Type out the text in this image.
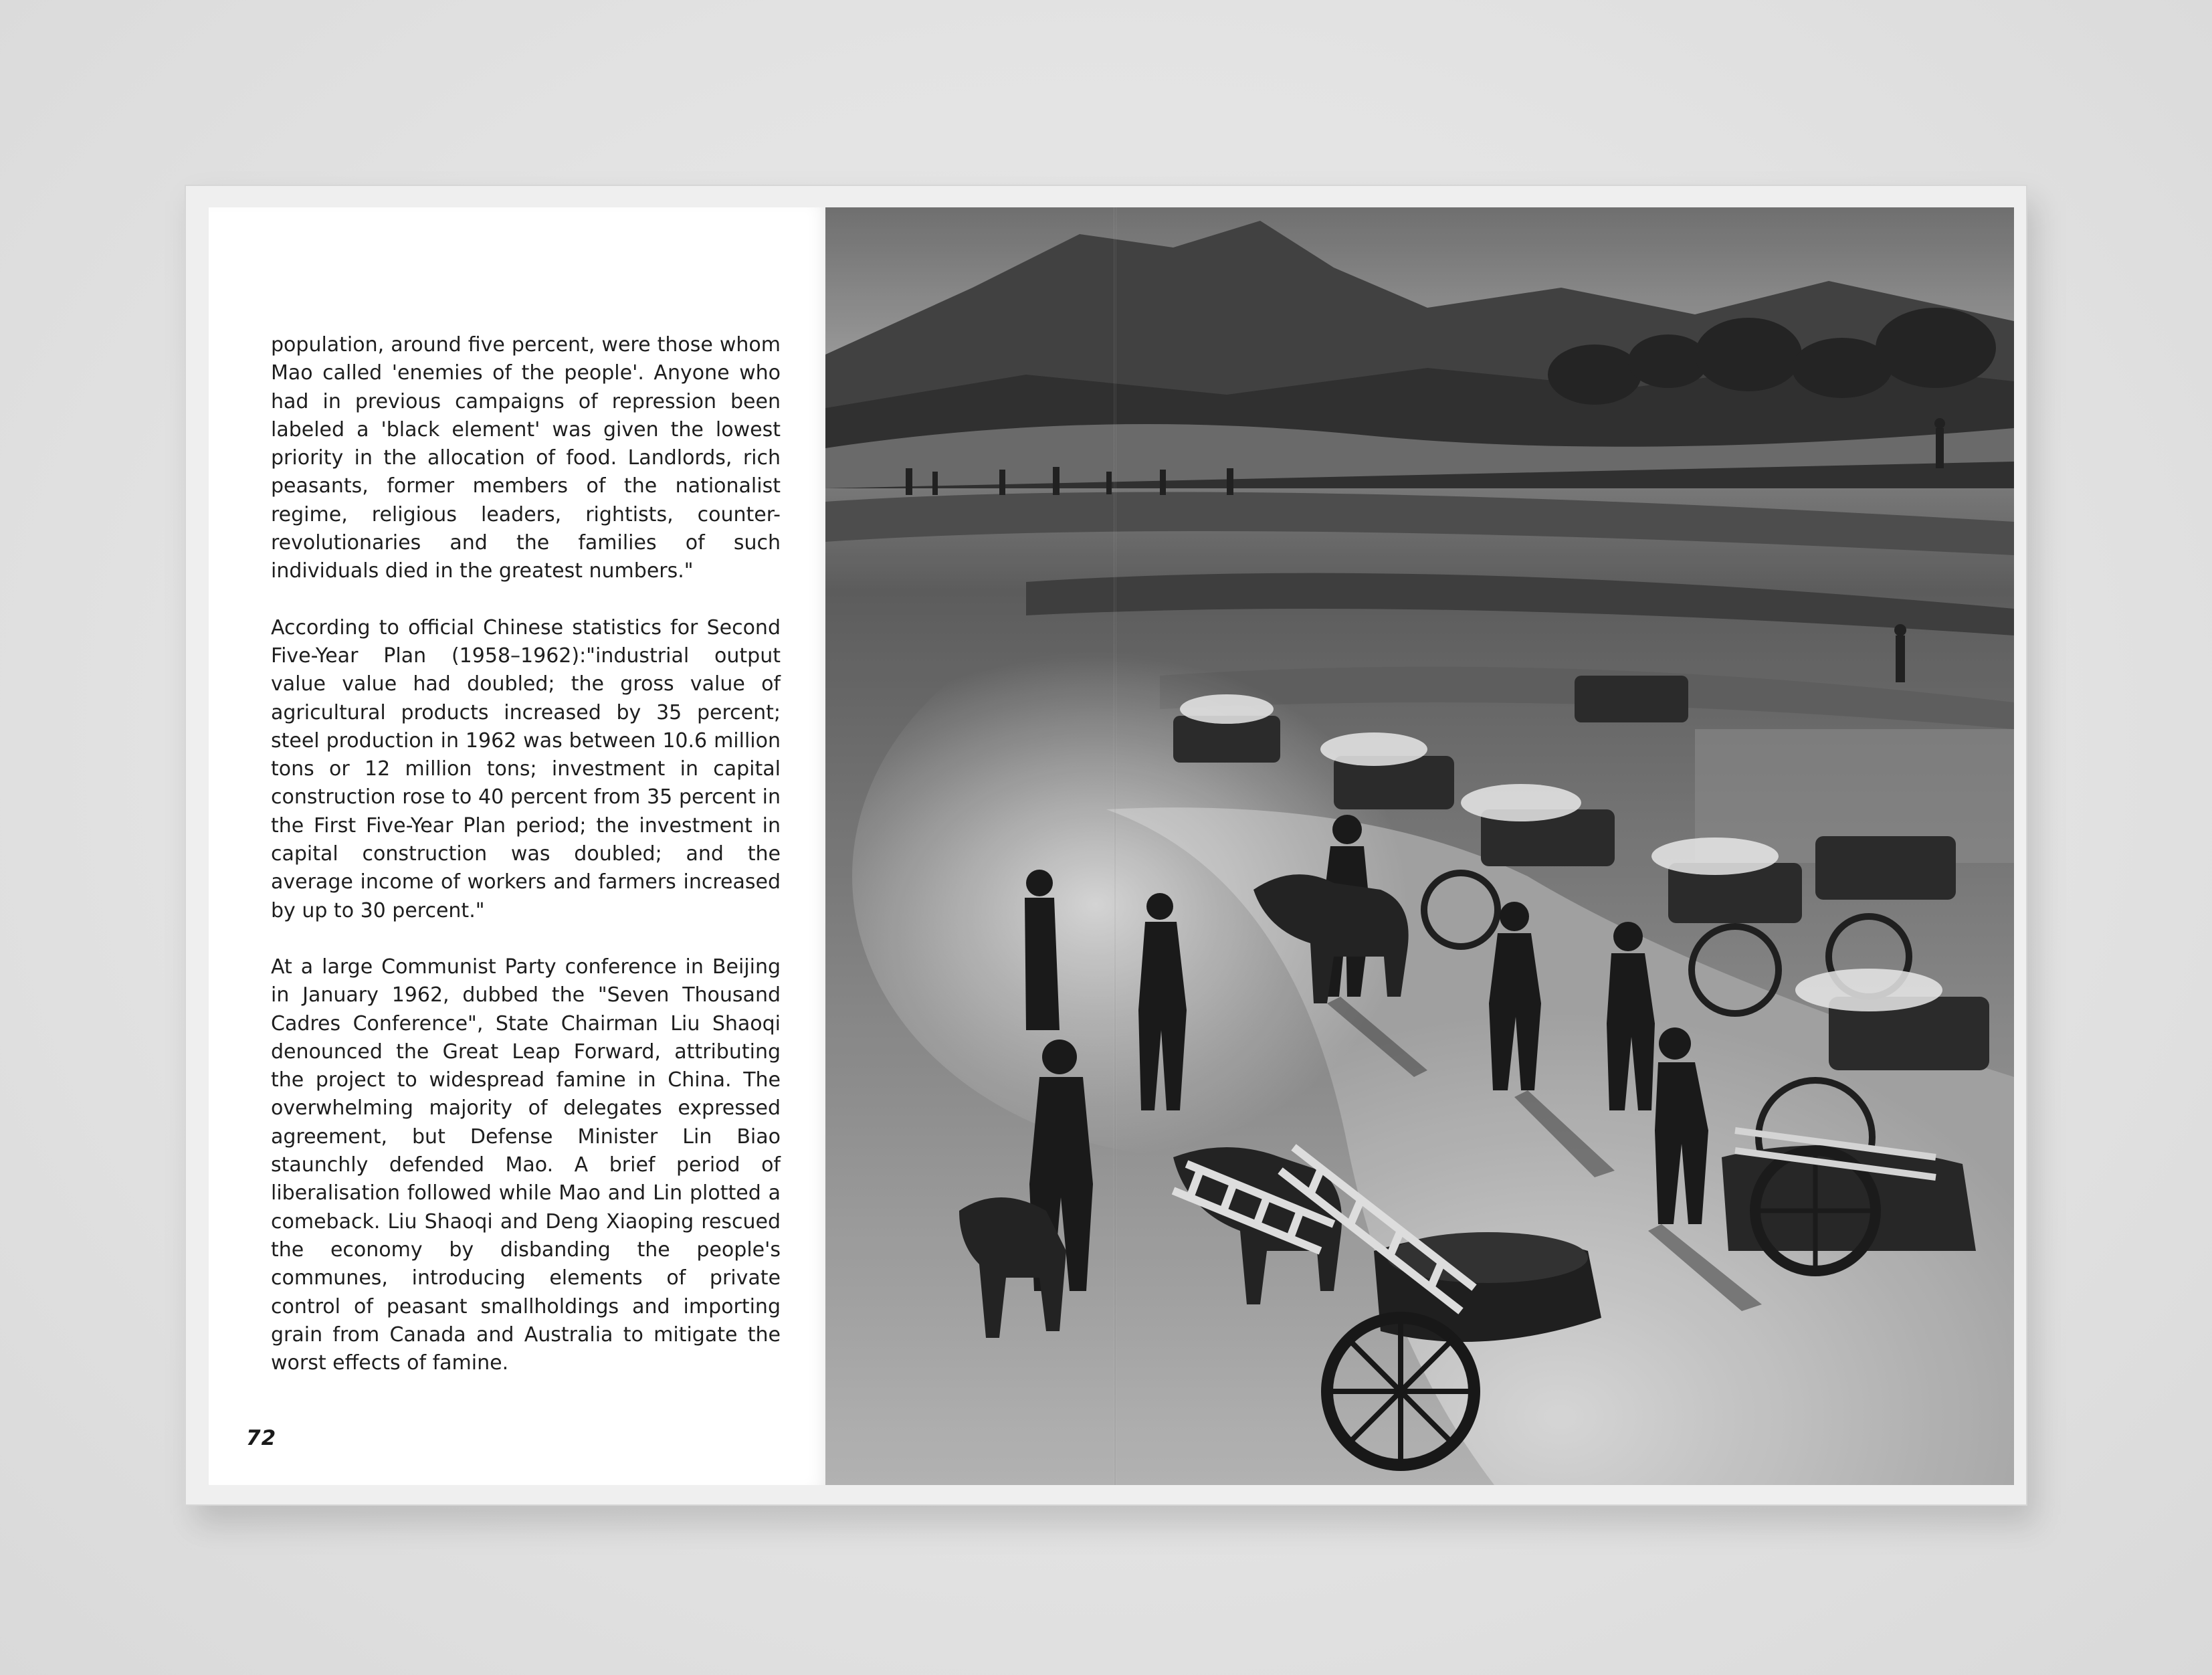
population, around five percent, were those whom Mao called 'enemies of the people'. Anyone who had in previous campaigns of repression been labeled a 'black element' was given the lowest priority in the allocation of food. Landlords, rich peasants, former members of the nationalist regime, religious leaders, rightists, counter-revolutionaries and the families of such individuals died in the greatest numbers."

According to official Chinese statistics for Second Five-Year Plan (1958–1962):"industrial output value value had doubled; the gross value of agricultural products increased by 35 percent; steel production in 1962 was between 10.6 million tons or 12 million tons; investment in capital construction rose to 40 percent from 35 percent in the First Five-Year Plan period; the investment in capital construction was doubled; and the average income of workers and farmers increased by up to 30 percent."

At a large Communist Party conference in Beijing in January 1962, dubbed the "Seven Thousand Cadres Conference", State Chairman Liu Shaoqi denounced the Great Leap Forward, attributing the project to widespread famine in China. The overwhelming majority of delegates expressed agreement, but Defense Minister Lin Biao staunchly defended Mao. A brief period of liberalisation followed while Mao and Lin plotted a comeback. Liu Shaoqi and Deng Xiaoping rescued the economy by disbanding the people's communes, introducing elements of private control of peasant smallholdings and importing grain from Canada and Australia to mitigate the worst effects of famine.

72
